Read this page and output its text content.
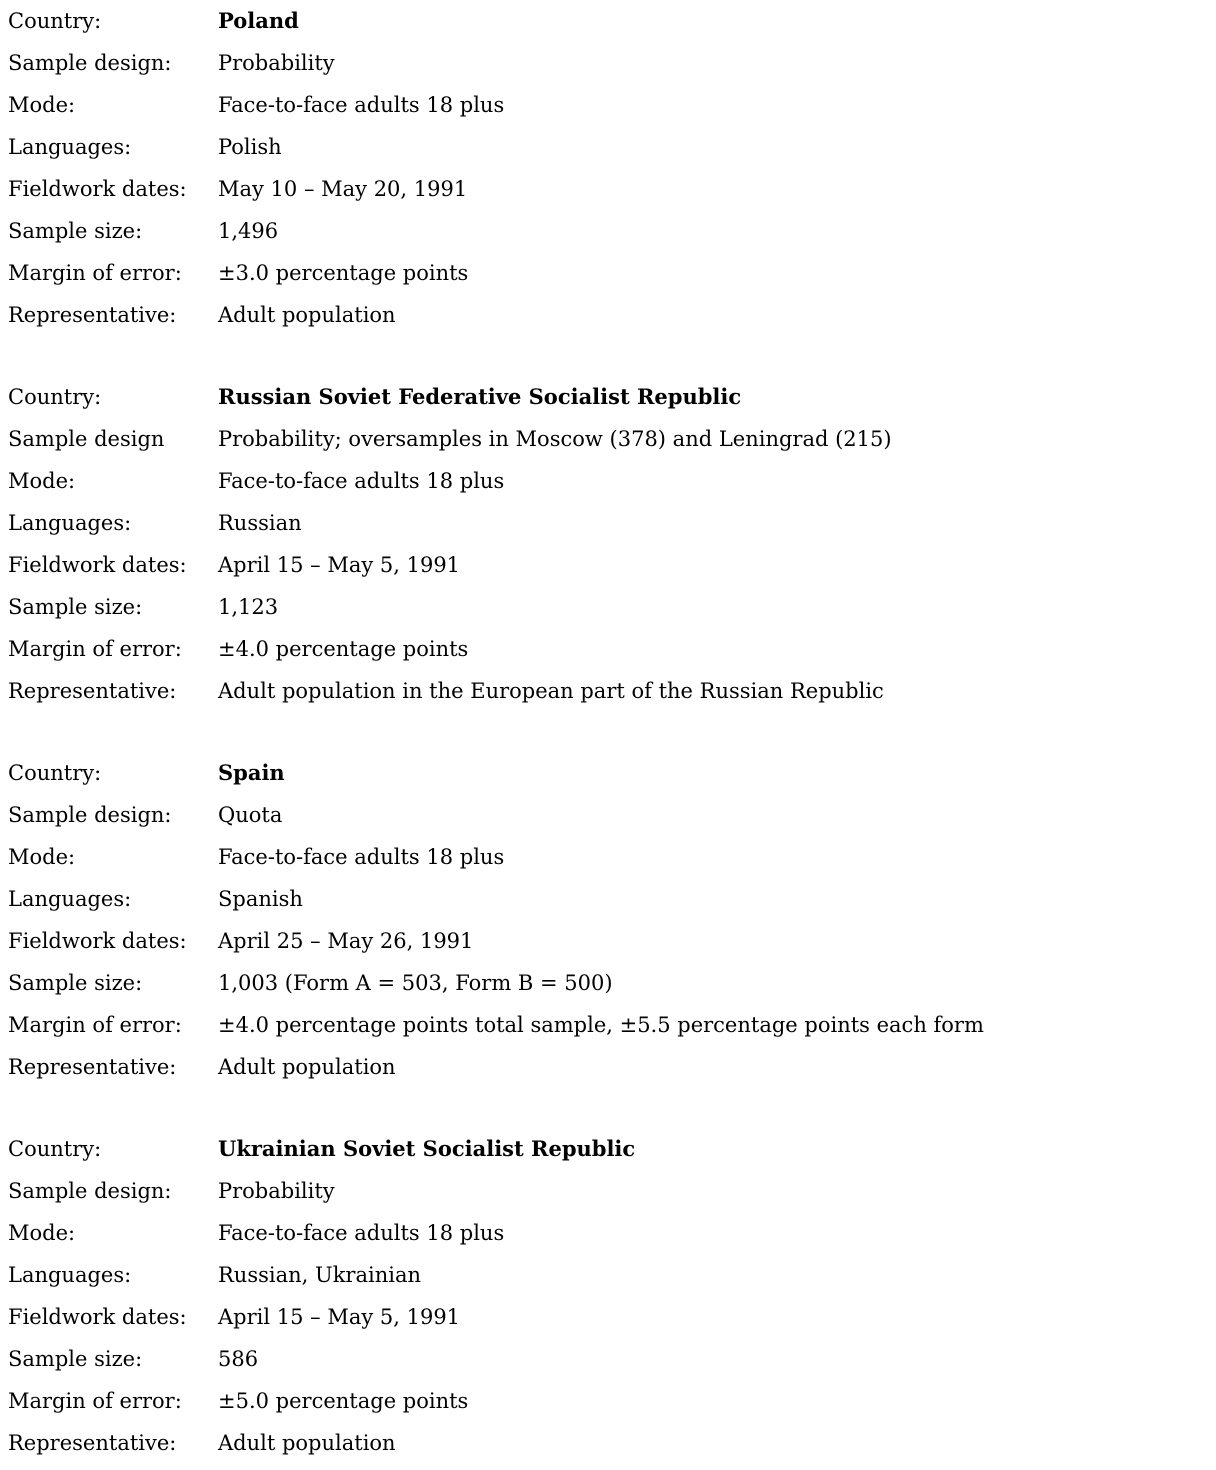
Country:	Poland
Sample design:	Probability
Mode:	Face-to-face adults 18 plus
Languages:	Polish
Fieldwork dates:	May 10 – May 20, 1991
Sample size:	1,496
Margin of error:	±3.0 percentage points
Representative:	Adult population
Country:	Russian Soviet Federative Socialist Republic
Sample design	Probability; oversamples in Moscow (378) and Leningrad (215)
Mode:	Face-to-face adults 18 plus
Languages:	Russian
Fieldwork dates:	April 15 – May 5, 1991
Sample size:	1,123
Margin of error:	±4.0 percentage points
Representative:	Adult population in the European part of the Russian Republic
Country:	Spain
Sample design:	Quota
Mode:	Face-to-face adults 18 plus
Languages:	Spanish
Fieldwork dates:	April 25 – May 26, 1991
Sample size:	1,003 (Form A = 503, Form B = 500)
Margin of error:	±4.0 percentage points total sample, ±5.5 percentage points each form
Representative:	Adult population
Country:	Ukrainian Soviet Socialist Republic
Sample design:	Probability
Mode:	Face-to-face adults 18 plus
Languages:	Russian, Ukrainian
Fieldwork dates:	April 15 – May 5, 1991
Sample size:	586
Margin of error:	±5.0 percentage points
Representative:	Adult population
